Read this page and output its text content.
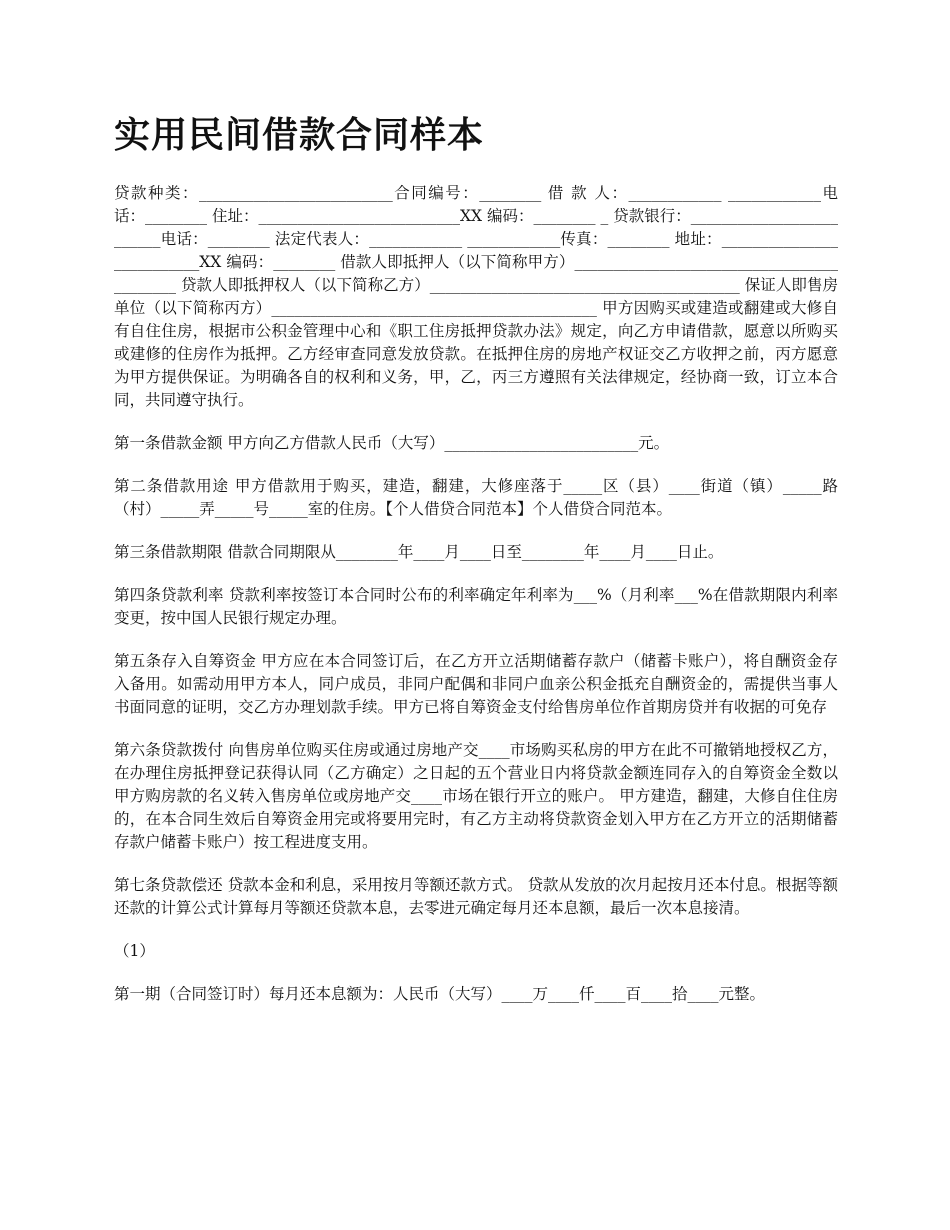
实用民间借款合同样本

贷款种类：_________________________合同编号：________ 借 款 人：____________ ____________电话：________ 住址：__________________________XX 编码：________ _ 贷款银行：_________________________电话：________ 法定代表人：____________ ____________传真：________ 地址：__________________________XX 编码：________ 借款人即抵押人（以下简称甲方）__________________________________________ 贷款人即抵押权人（以下简称乙方）________________________________________ 保证人即售房单位（以下简称丙方）__________________________________________ 甲方因购买或建造或翻建或大修自有自住住房，根据市公积金管理中心和《职工住房抵押贷款办法》规定，向乙方申请借款，愿意以所购买或建修的住房作为抵押。乙方经审查同意发放贷款。在抵押住房的房地产权证交乙方收押之前，丙方愿意为甲方提供保证。为明确各自的权利和义务，甲，乙，丙三方遵照有关法律规定，经协商一致，订立本合同，共同遵守执行。

第一条借款金额 甲方向乙方借款人民币（大写）_________________________元。

第二条借款用途 甲方借款用于购买，建造，翻建，大修座落于_____区（县）____街道（镇）_____路（村）_____弄_____号_____室的住房。【个人借贷合同范本】个人借贷合同范本。

第三条借款期限 借款合同期限从________年____月____日至________年____月____日止。

第四条贷款利率 贷款利率按签订本合同时公布的利率确定年利率为___%（月利率___%在借款期限内利率变更，按中国人民银行规定办理。

第五条存入自筹资金 甲方应在本合同签订后，在乙方开立活期储蓄存款户（储蓄卡账户），将自酬资金存入备用。如需动用甲方本人，同户成员，非同户配偶和非同户血亲公积金抵充自酬资金的，需提供当事人书面同意的证明，交乙方办理划款手续。甲方已将自筹资金支付给售房单位作首期房贷并有收据的可免存

第六条贷款拨付 向售房单位购买住房或通过房地产交____市场购买私房的甲方在此不可撤销地授权乙方，在办理住房抵押登记获得认同（乙方确定）之日起的五个营业日内将贷款金额连同存入的自筹资金全数以甲方购房款的名义转入售房单位或房地产交____市场在银行开立的账户。 甲方建造，翻建，大修自住住房的，在本合同生效后自筹资金用完或将要用完时，有乙方主动将贷款资金划入甲方在乙方开立的活期储蓄存款户储蓄卡账户）按工程进度支用。

第七条贷款偿还 贷款本金和利息，采用按月等额还款方式。 贷款从发放的次月起按月还本付息。根据等额还款的计算公式计算每月等额还贷款本息，去零进元确定每月还本息额，最后一次本息接清。

（1）

第一期（合同签订时）每月还本息额为：人民币（大写）____万____仟____百____拾____元整。
